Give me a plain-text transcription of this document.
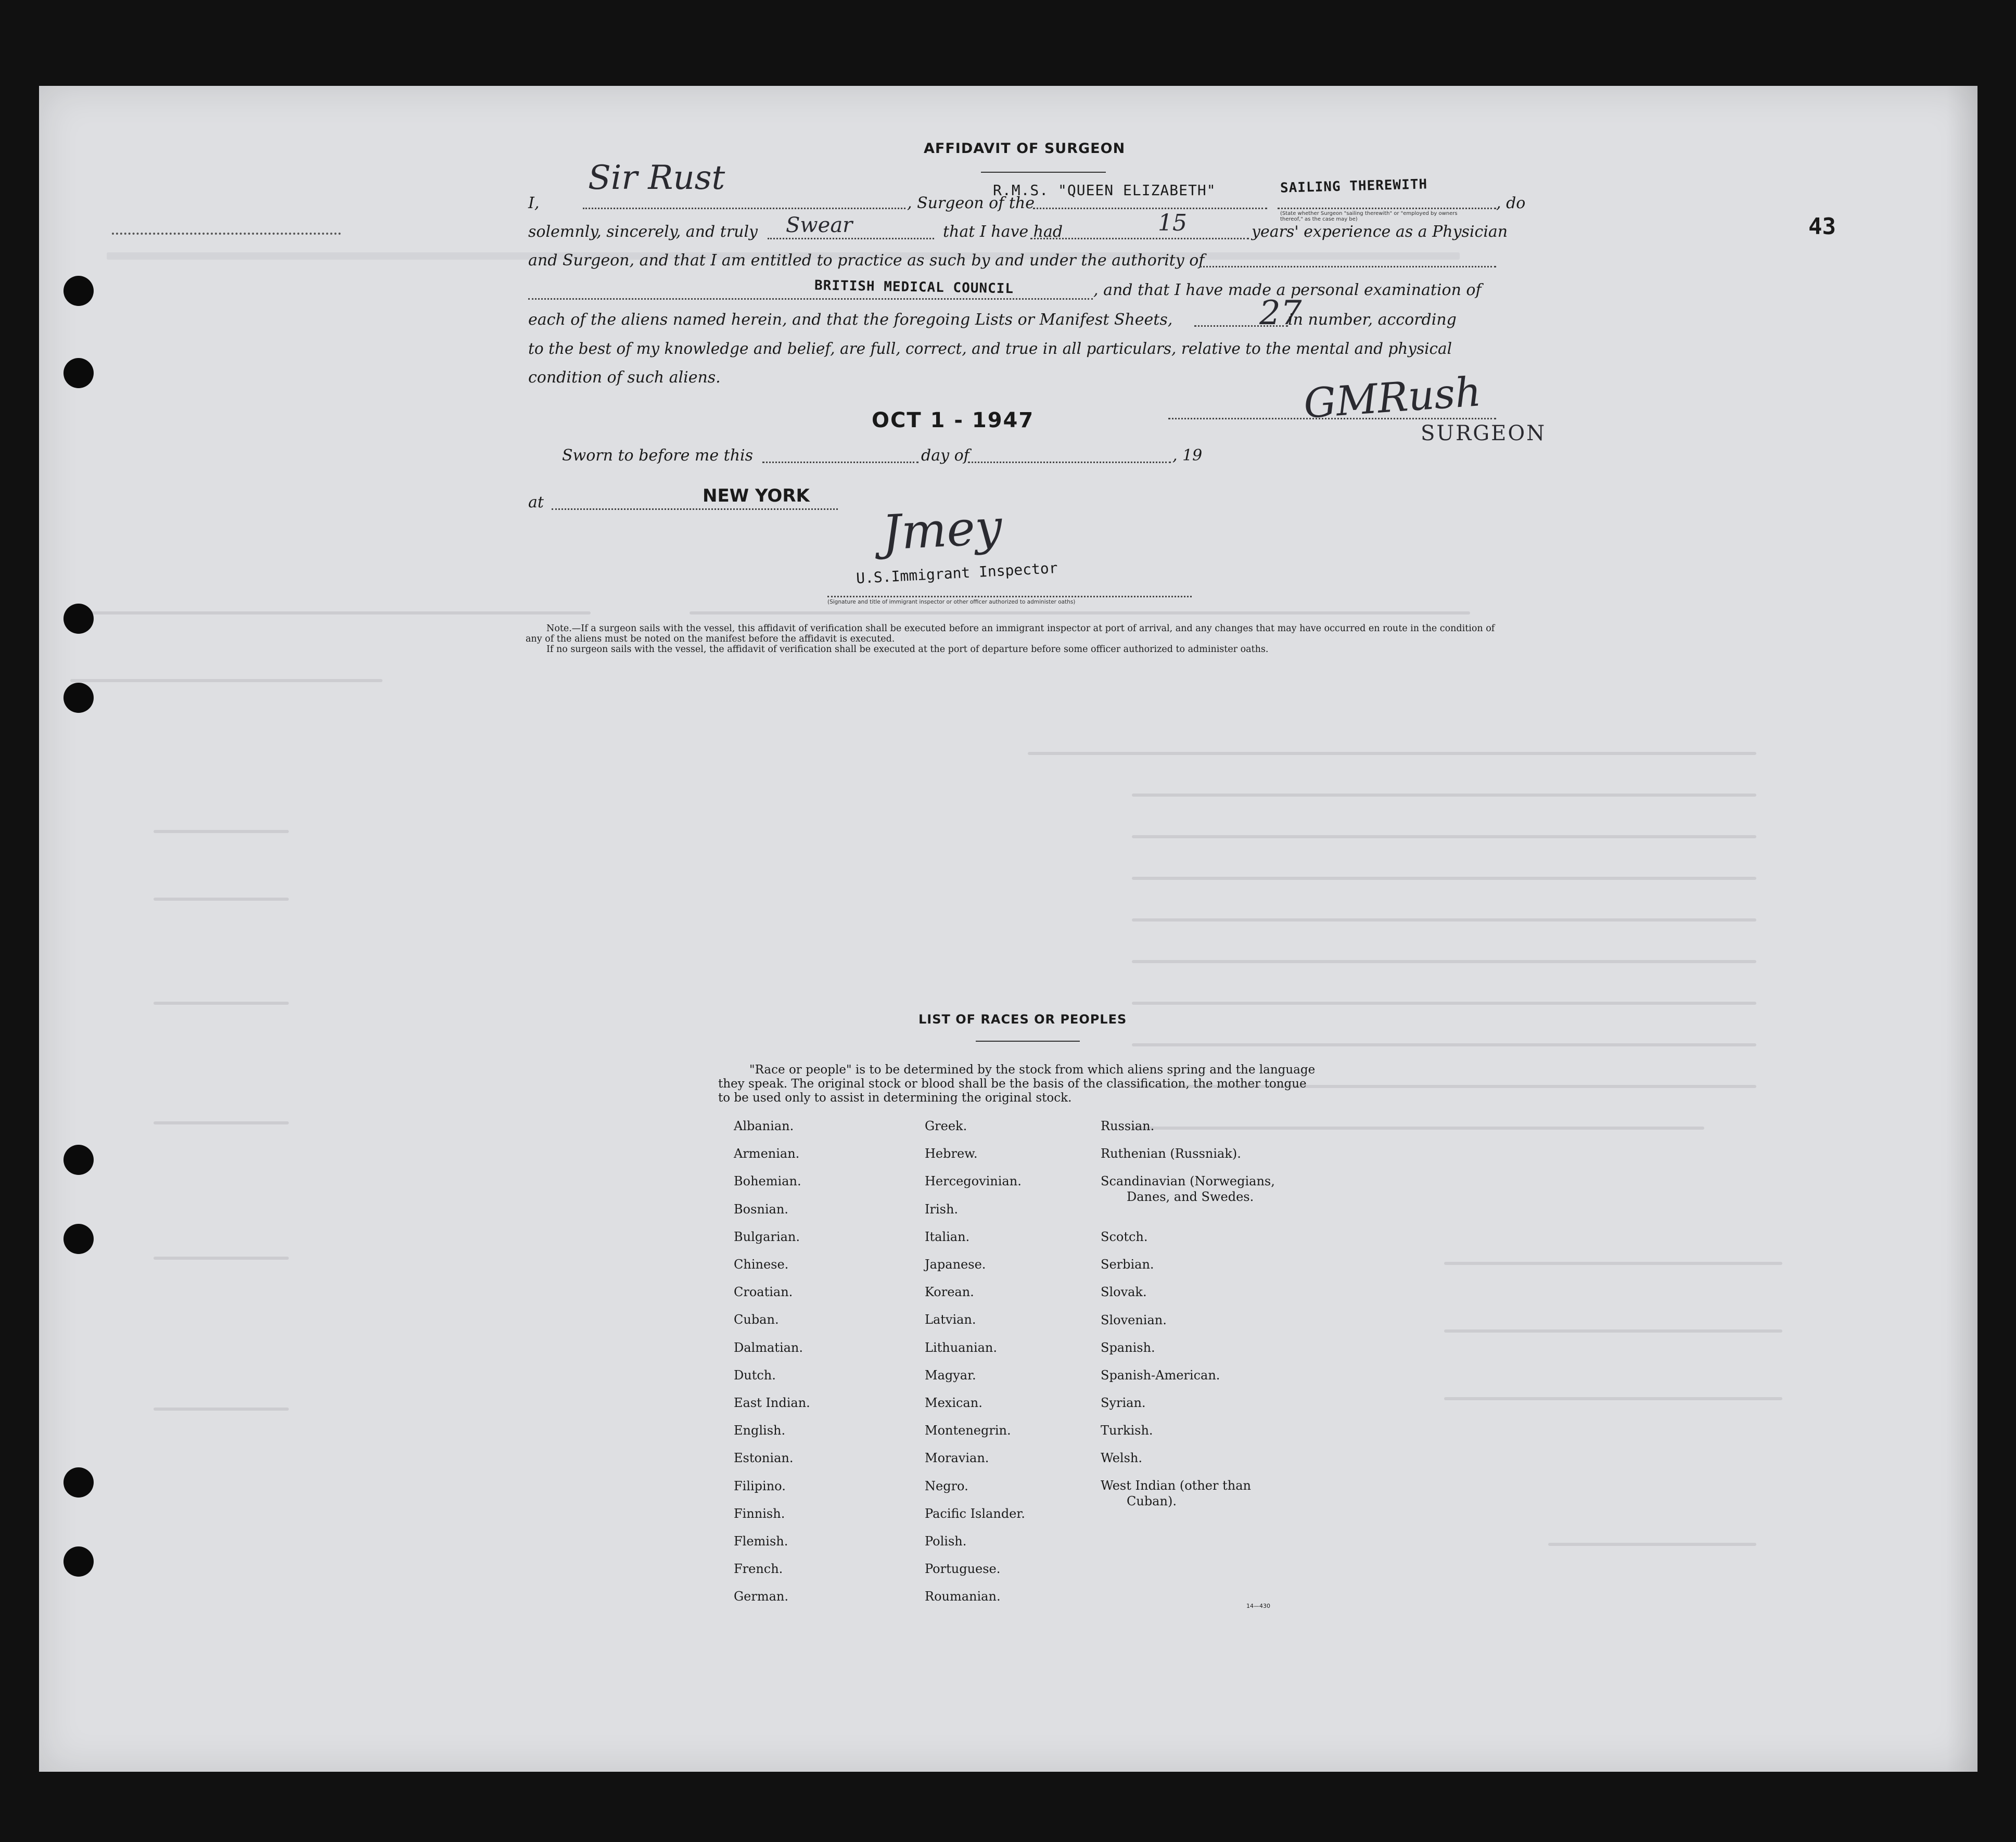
43
AFFIDAVIT OF SURGEON
I,
Sir Rust
, Surgeon of the
R.M.S. "QUEEN ELIZABETH"	SAILING THEREWITH
(State whether Surgeon "sailing therewith" or "employed by owners thereof," as the case may be)
, do
solemnly, sincerely, and truly Swear	that I have had	15	years' experience as a Physician
and Surgeon, and that I am entitled to practice as such by and under the authority of
BRITISH MEDICAL COUNCIL	, and that I have made a personal examination of
each of the aliens named herein, and that the foregoing Lists or Manifest Sheets,	27
in number, according
to the best of my knowledge and belief, are full, correct, and true in all particulars, relative to the mental and physical
condition of such aliens.
OCT 1 - 1947	GMRush
SURGEON
Sworn to before me this	day of	, 19
at	NEW YORK
Jmey
U.S.Immigrant Inspector
(Signature and title of immigrant inspector or other officer authorized to administer oaths)
Note.—If a surgeon sails with the vessel, this affidavit of verification shall be executed before an immigrant inspector at port of arrival, and any changes that may have occurred en route in the condition of any of the aliens must be noted on the manifest before the affidavit is executed.
If no surgeon sails with the vessel, the affidavit of verification shall be executed at the port of departure before some officer authorized to administer oaths.
LIST OF RACES OR PEOPLES
"Race or people" is to be determined by the stock from which aliens spring and the language they speak. The original stock or blood shall be the basis of the classification, the mother tongue to be used only to assist in determining the original stock.
Albanian.
Armenian.
Bohemian.
Bosnian.
Bulgarian.
Chinese.
Croatian.
Cuban.
Dalmatian.
Dutch.
East Indian.
English.
Estonian.
Filipino.
Finnish.
Flemish.
French.
German.
Greek.
Hebrew.
Hercegovinian.
Irish.
Italian.
Japanese.
Korean.
Latvian.
Lithuanian.
Magyar.
Mexican.
Montenegrin.
Moravian.
Negro.
Pacific Islander.
Polish.
Portuguese.
Roumanian.
Russian.
Ruthenian (Russniak).
Scandinavian (Norwegians,
Danes, and Swedes.
Scotch.
Serbian.
Slovak.
Slovenian.
Spanish.
Spanish-American.
Syrian.
Turkish.
Welsh.
West Indian (other than
Cuban).
14—430
